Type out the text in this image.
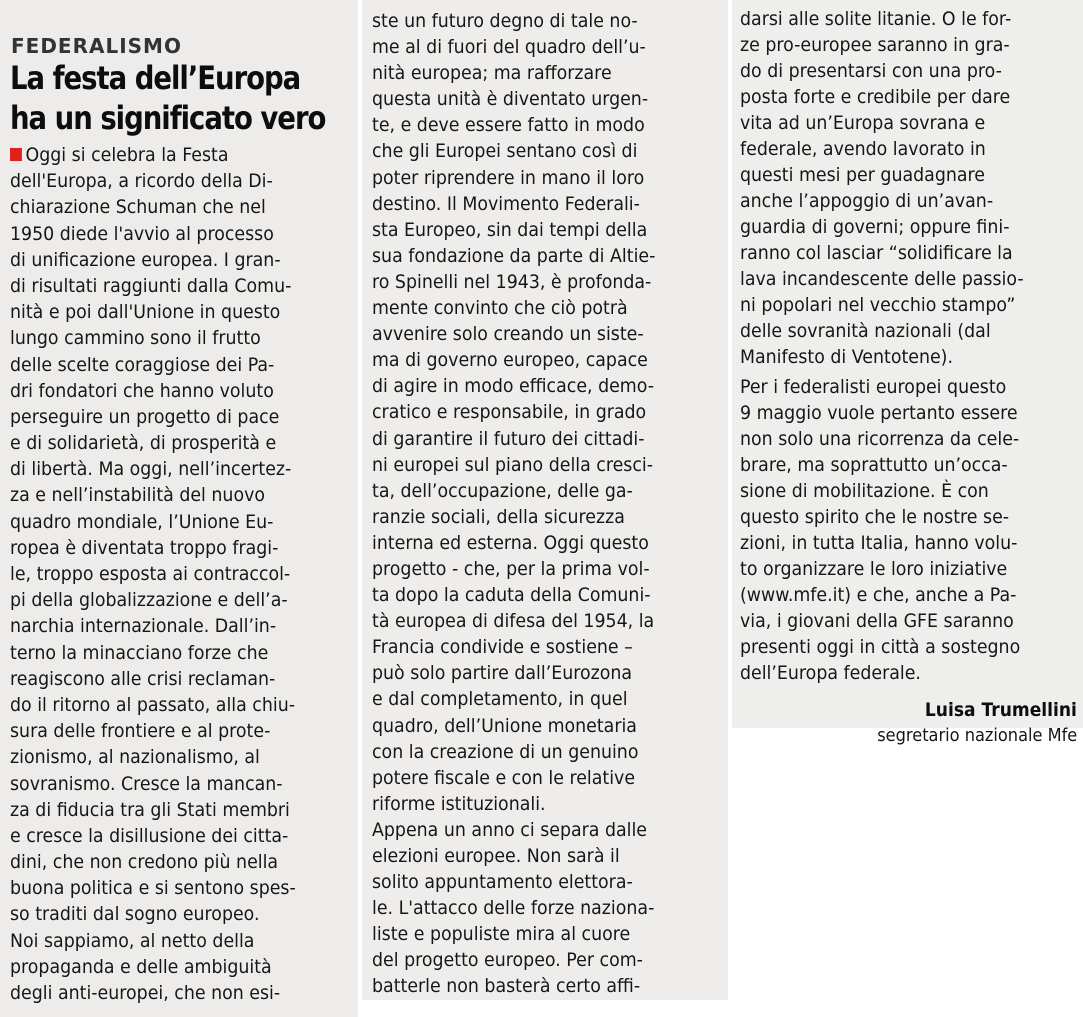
FEDERALISMO
La festa dell’Europa
ha un significato vero
Oggi si celebra la Festa
dell'Europa, a ricordo della Di-
chiarazione Schuman che nel
1950 diede l'avvio al processo
di unificazione europea. I gran-
di risultati raggiunti dalla Comu-
nità e poi dall'Unione in questo
lungo cammino sono il frutto
delle scelte coraggiose dei Pa-
dri fondatori che hanno voluto
perseguire un progetto di pace
e di solidarietà, di prosperità e
di libertà. Ma oggi, nell’incertez-
za e nell’instabilità del nuovo
quadro mondiale, l’Unione Eu-
ropea è diventata troppo fragi-
le, troppo esposta ai contraccol-
pi della globalizzazione e dell’a-
narchia internazionale. Dall’in-
terno la minacciano forze che
reagiscono alle crisi reclaman-
do il ritorno al passato, alla chiu-
sura delle frontiere e al prote-
zionismo, al nazionalismo, al
sovranismo. Cresce la mancan-
za di fiducia tra gli Stati membri
e cresce la disillusione dei citta-
dini, che non credono più nella
buona politica e si sentono spes-
so traditi dal sogno europeo.
Noi sappiamo, al netto della
propaganda e delle ambiguità
degli anti-europei, che non esi-
ste un futuro degno di tale no-
me al di fuori del quadro dell’u-
nità europea; ma rafforzare
questa unità è diventato urgen-
te, e deve essere fatto in modo
che gli Europei sentano così di
poter riprendere in mano il loro
destino. Il Movimento Federali-
sta Europeo, sin dai tempi della
sua fondazione da parte di Altie-
ro Spinelli nel 1943, è profonda-
mente convinto che ciò potrà
avvenire solo creando un siste-
ma di governo europeo, capace
di agire in modo efficace, demo-
cratico e responsabile, in grado
di garantire il futuro dei cittadi-
ni europei sul piano della cresci-
ta, dell’occupazione, delle ga-
ranzie sociali, della sicurezza
interna ed esterna. Oggi questo
progetto - che, per la prima vol-
ta dopo la caduta della Comuni-
tà europea di difesa del 1954, la
Francia condivide e sostiene –
può solo partire dall’Eurozona
e dal completamento, in quel
quadro, dell’Unione monetaria
con la creazione di un genuino
potere fiscale e con le relative
riforme istituzionali.
Appena un anno ci separa dalle
elezioni europee. Non sarà il
solito appuntamento elettora-
le. L'attacco delle forze naziona-
liste e populiste mira al cuore
del progetto europeo. Per com-
batterle non basterà certo affi-
darsi alle solite litanie. O le for-
ze pro-europee saranno in gra-
do di presentarsi con una pro-
posta forte e credibile per dare
vita ad un’Europa sovrana e
federale, avendo lavorato in
questi mesi per guadagnare
anche l’appoggio di un’avan-
guardia di governi; oppure fini-
ranno col lasciar “solidificare la
lava incandescente delle passio-
ni popolari nel vecchio stampo”
delle sovranità nazionali (dal
Manifesto di Ventotene).
Per i federalisti europei questo
9 maggio vuole pertanto essere
non solo una ricorrenza da cele-
brare, ma soprattutto un’occa-
sione di mobilitazione. È con
questo spirito che le nostre se-
zioni, in tutta Italia, hanno volu-
to organizzare le loro iniziative
(www.mfe.it) e che, anche a Pa-
via, i giovani della GFE saranno
presenti oggi in città a sostegno
dell’Europa federale.
Luisa Trumellini
segretario nazionale Mfe
